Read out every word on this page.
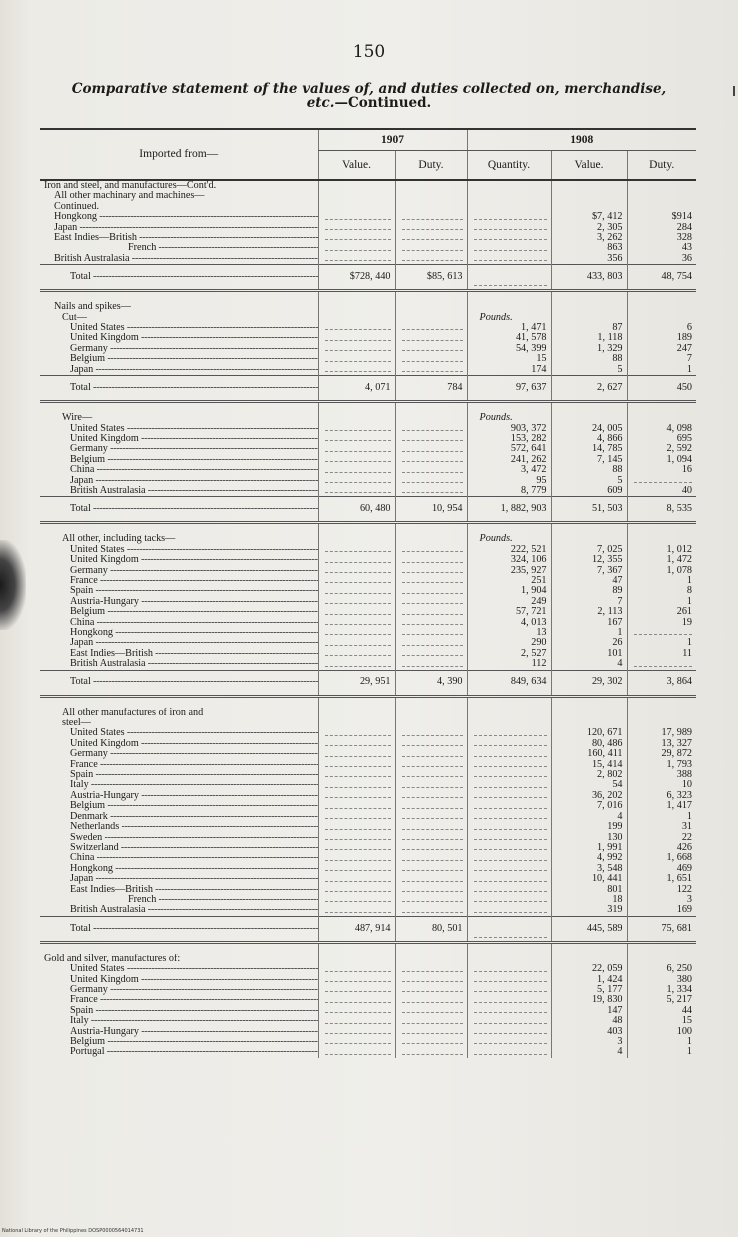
150
Comparative statement of the values of, and duties collected on, merchandise,
etc.—Continued.
Imported from—	1907		1908		
	Value.	Duty.	Quantity.	Value.	Duty.
Iron and steel, and manufactures—Cont'd.					
All other machinary and machines—					
Continued.					
Hongkong -----				$7, 412	$914
Japan -----				2, 305	284
East Indies—British -----				3, 262	328
French -----				863	43
British Australasia -----				356	36
Total -----	$728, 440	$85, 613		433, 803	48, 754

Nails and spikes—					
Cut—			Pounds.		
United States -----			1, 471	87	6
United Kingdom -----			41, 578	1, 118	189
Germany -----			54, 399	1, 329	247
Belgium -----			15	88	7
Japan -----			174	5	1
Total -----	4, 071	784	97, 637	2, 627	450

Wire—			Pounds.		
United States -----			903, 372	24, 005	4, 098
United Kingdom -----			153, 282	4, 866	695
Germany -----			572, 641	14, 785	2, 592
Belgium -----			241, 262	7, 145	1, 094
China -----			3, 472	88	16
Japan -----			95	5	
British Australasia -----			8, 779	609	40
Total -----	60, 480	10, 954	1, 882, 903	51, 503	8, 535

All other, including tacks—			Pounds.		
United States -----			222, 521	7, 025	1, 012
United Kingdom -----			324, 106	12, 355	1, 472
Germany -----			235, 927	7, 367	1, 078
France -----			251	47	1
Spain -----			1, 904	89	8
Austria-Hungary -----			249	7	1
Belgium -----			57, 721	2, 113	261
China -----			4, 013	167	19
Hongkong -----			13	1	
Japan -----			290	26	1
East Indies—British -----			2, 527	101	11
British Australasia -----			112	4	
Total -----	29, 951	4, 390	849, 634	29, 302	3, 864

All other manufactures of iron and					
steel—					
United States -----				120, 671	17, 989
United Kingdom -----				80, 486	13, 327
Germany -----				160, 411	29, 872
France -----				15, 414	1, 793
Spain -----				2, 802	388
Italy -----				54	10
Austria-Hungary -----				36, 202	6, 323
Belgium -----				7, 016	1, 417
Denmark -----				4	1
Netherlands -----				199	31
Sweden -----				130	22
Switzerland -----				1, 991	426
China -----				4, 992	1, 668
Hongkong -----				3, 548	469
Japan -----				10, 441	1, 651
East Indies—British -----				801	122
French -----				18	3
British Australasia -----				319	169
Total -----	487, 914	80, 501		445, 589	75, 681

Gold and silver, manufactures of:					
United States -----				22, 059	6, 250
United Kingdom -----				1, 424	380
Germany -----				5, 177	1, 334
France -----				19, 830	5, 217
Spain -----				147	44
Italy -----				48	15
Austria-Hungary -----				403	100
Belgium -----				3	1
Portugal -----				4	1
National Library of the Philippines DOSP0000564014731
